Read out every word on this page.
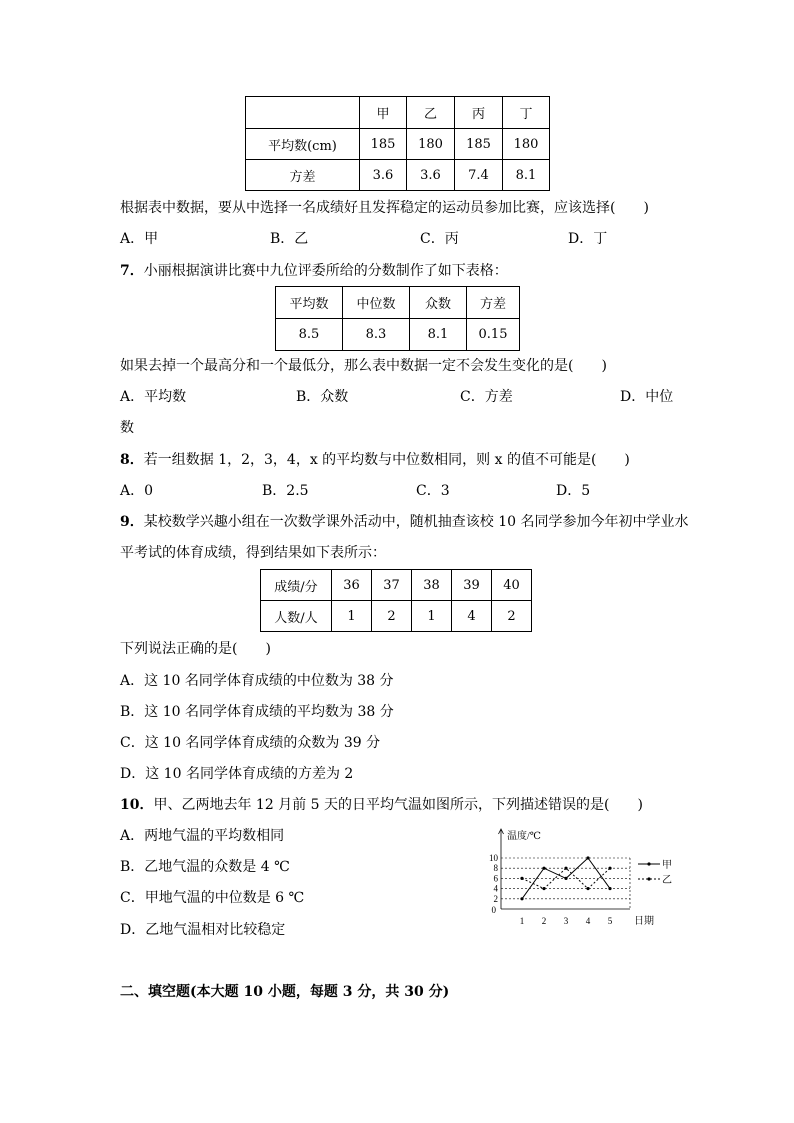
	甲	乙	丙	丁
平均数(cm)	185	180	185	180
方差	3.6	3.6	7.4	8.1
根据表中数据，要从中选择一名成绩好且发挥稳定的运动员参加比赛，应该选择(　　)
A．甲	B．乙	C．丙	D．丁
7．小丽根据演讲比赛中九位评委所给的分数制作了如下表格：
平均数	中位数	众数	方差
8.5	8.3	8.1	0.15
如果去掉一个最高分和一个最低分，那么表中数据一定不会发生变化的是(　　)
A．平均数	B．众数	C．方差	D．中位
数
8．若一组数据 1，2，3，4，x 的平均数与中位数相同，则 x 的值不可能是(　　)
A．0	B．2.5	C．3	D．5
9．某校数学兴趣小组在一次数学课外活动中，随机抽查该校 10 名同学参加今年初中学业水
平考试的体育成绩，得到结果如下表所示：
成绩/分	36	37	38	39	40
人数/人	1	2	1	4	2
下列说法正确的是(　　)
A．这 10 名同学体育成绩的中位数为 38 分
B．这 10 名同学体育成绩的平均数为 38 分
C．这 10 名同学体育成绩的众数为 39 分
D．这 10 名同学体育成绩的方差为 2
10．甲、乙两地去年 12 月前 5 天的日平均气温如图所示，下列描述错误的是(　　)
A．两地气温的平均数相同
B．乙地气温的众数是 4 ℃
C．甲地气温的中位数是 6 ℃
D．乙地气温相对比较稳定
温度/℃
日期
0
2
4
6
8
10
1 2 3 4 5
甲
乙
二、填空题(本大题 10 小题，每题 3 分，共 30 分)
